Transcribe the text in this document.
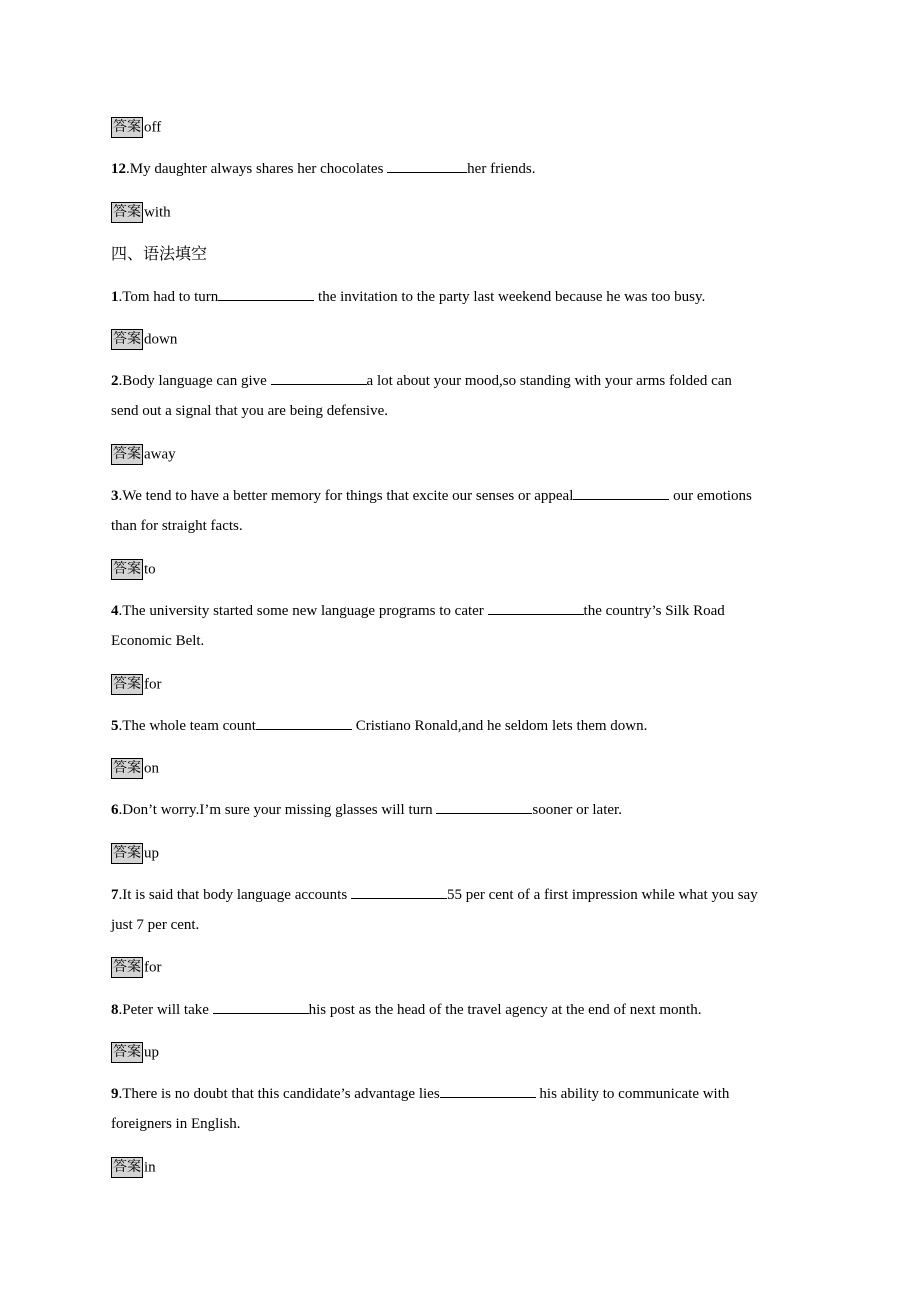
答案 off
12.My daughter always shares her chocolates	her friends.
答案 with
四、语法填空
1.Tom had to turn	the invitation to the party last weekend because he was too busy.
答案 down
2.Body language can give	a lot about your mood,so standing with your arms folded can
send out a signal that you are being defensive.
答案 away
3.We tend to have a better memory for things that excite our senses or appeal	our emotions
than for straight facts.
答案 to
4.The university started some new language programs to cater	the country’s Silk Road
Economic Belt.
答案 for
5.The whole team count	Cristiano Ronald,and he seldom lets them down.
答案 on
6.Don’t worry.I’m sure your missing glasses will turn	sooner or later.
答案 up
7.It is said that body language accounts	55 per cent of a first impression while what you say
just 7 per cent.
答案 for
8.Peter will take	his post as the head of the travel agency at the end of next month.
答案 up
9.There is no doubt that this candidate’s advantage lies	his ability to communicate with
foreigners in English.
答案 in
